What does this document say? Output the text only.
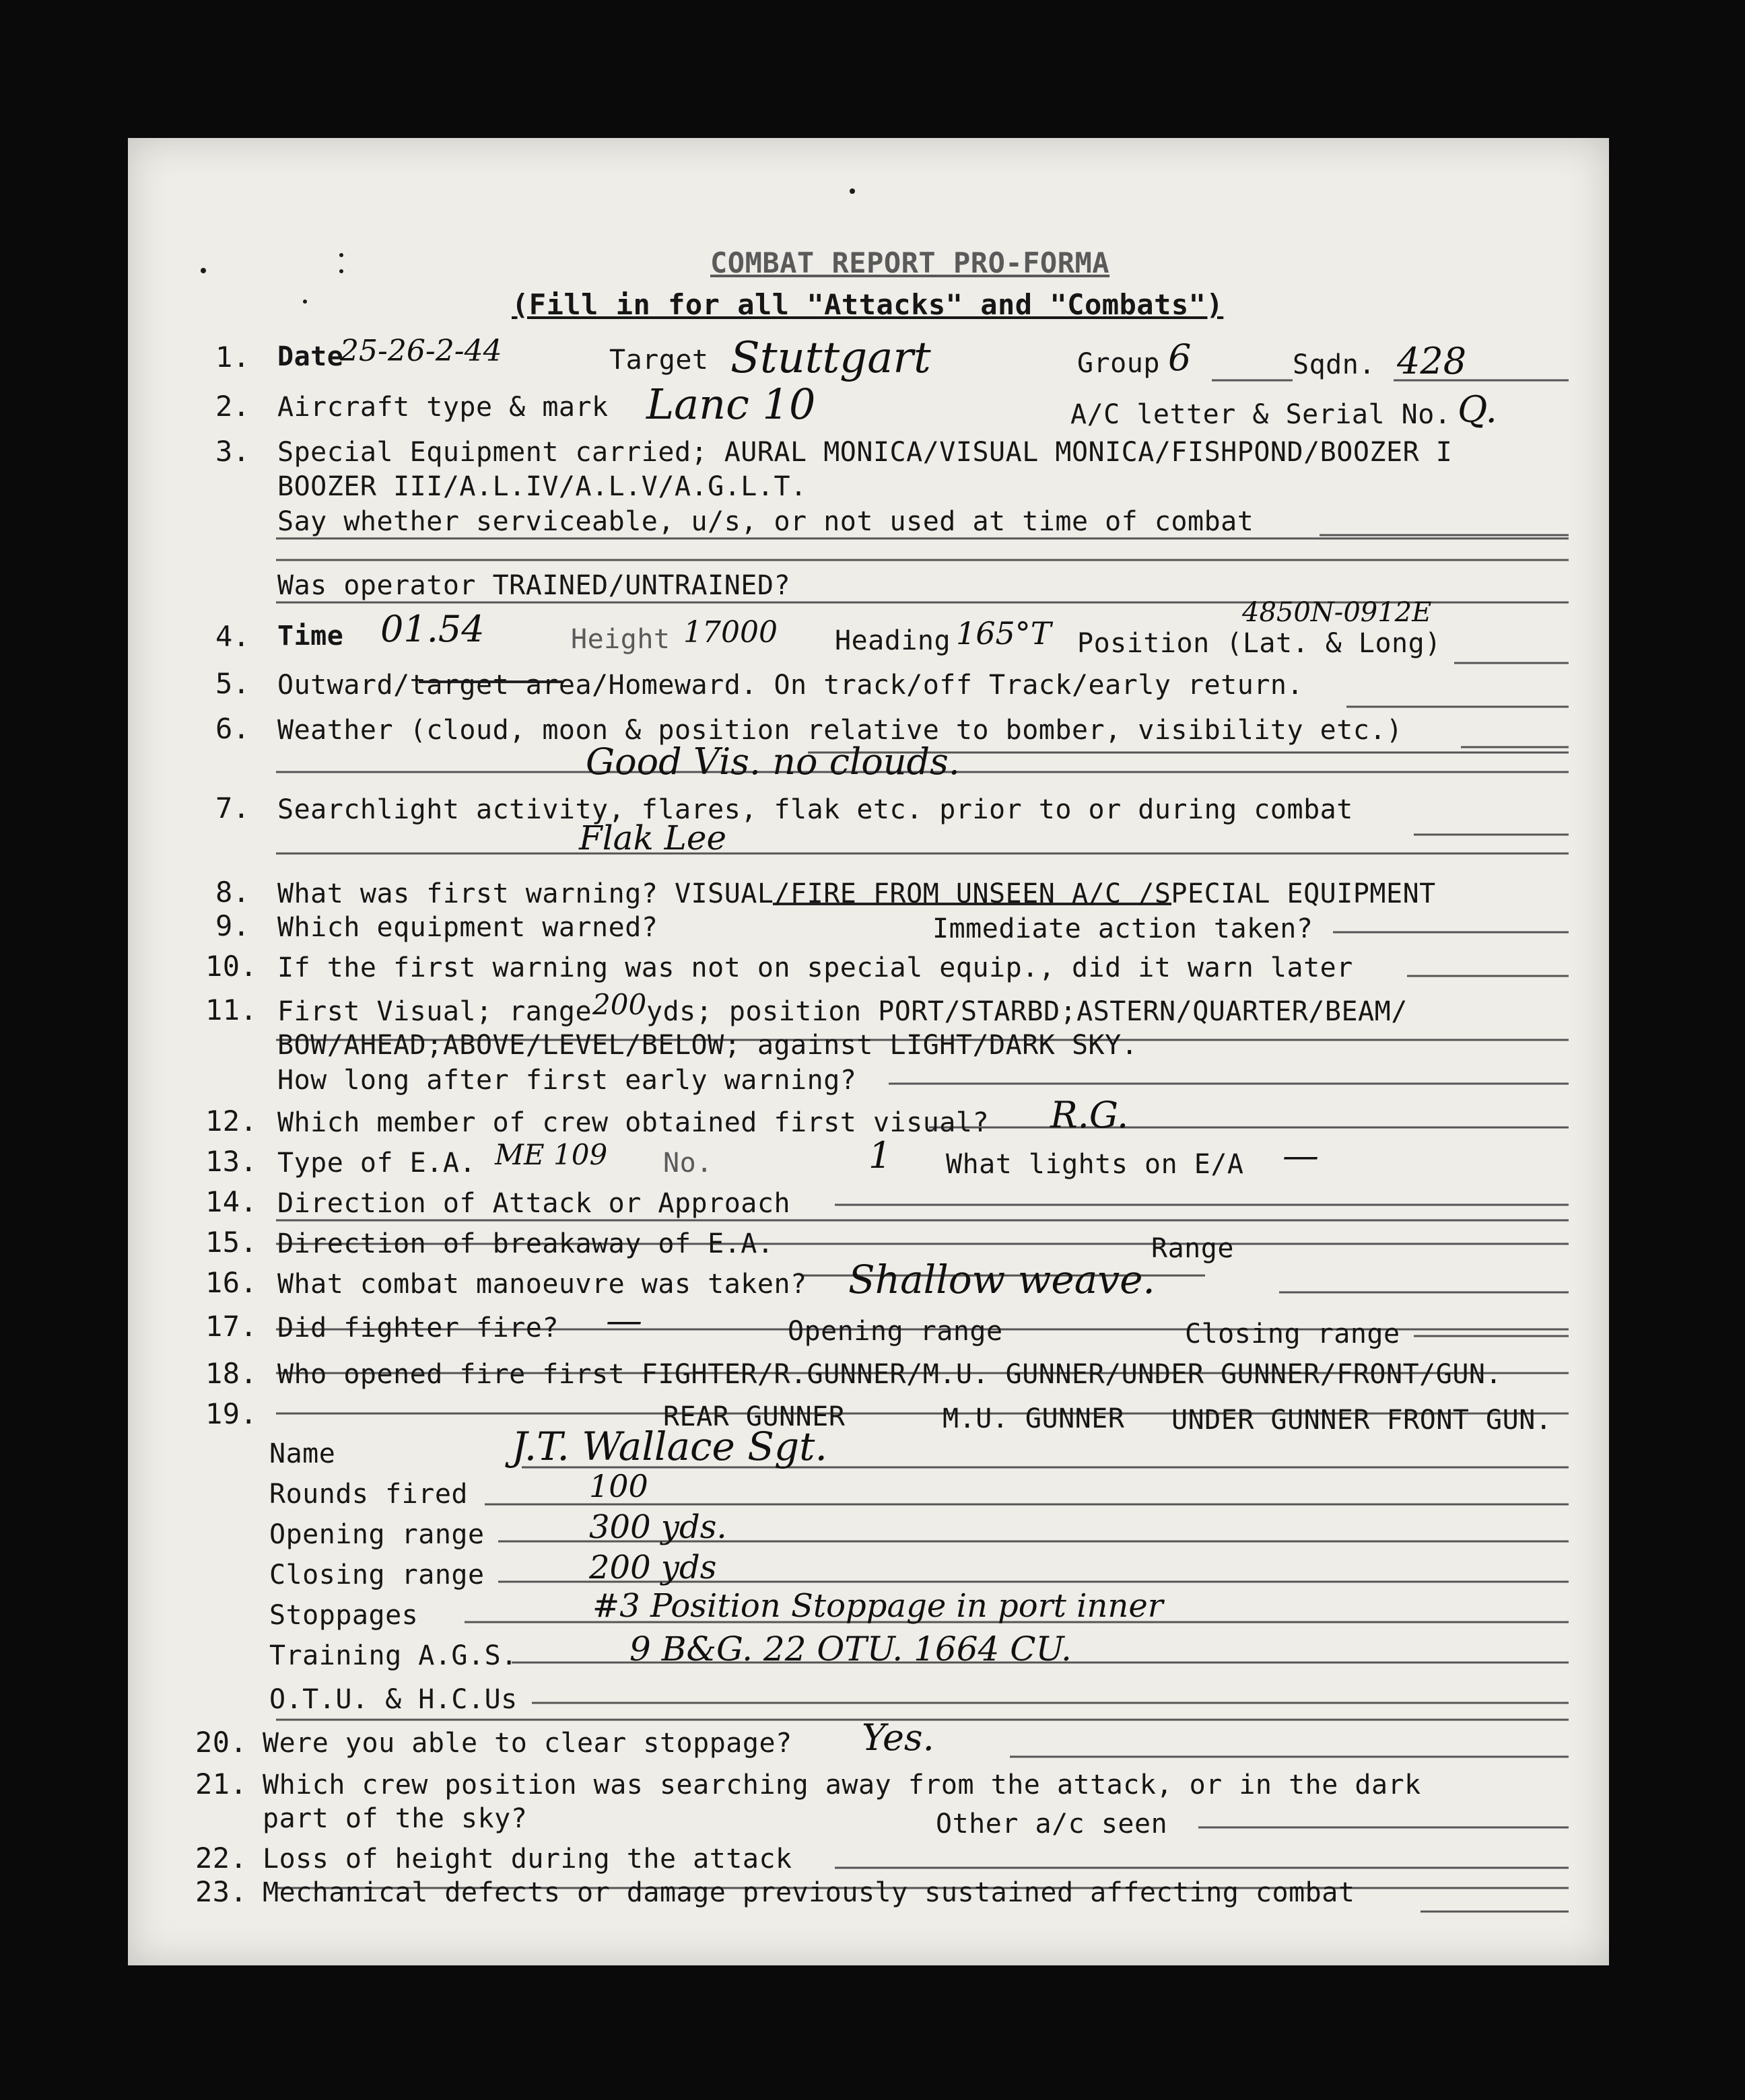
COMBAT REPORT PRO-FORMA
(Fill in for all "Attacks" and "Combats")
1. Date
25-26-2-44	Target Stuttgart	Group 6	Sqdn. 428
2. Aircraft type & mark Lanc 10	A/C letter & Serial No. Q.
3. Special Equipment carried; AURAL MONICA/VISUAL MONICA/FISHPOND/BOOZER I
BOOZER III/A.L.IV/A.L.V/A.G.L.T.
Say whether serviceable, u/s, or not used at time of combat
Was operator TRAINED/UNTRAINED?
4. Time 01.54	Height 17000 Heading 165°T Position (Lat. & Long)
4850N-0912E
5. Outward/target area/Homeward. On track/off Track/early return.
6. Weather (cloud, moon & position relative to bomber, visibility etc.)
Good Vis. no clouds.
7. Searchlight activity, flares, flak etc. prior to or during combat
Flak Lee
8. What was first warning? VISUAL/FIRE FROM UNSEEN A/C /SPECIAL EQUIPMENT
9. Which equipment warned?	Immediate action taken?
10. If the first warning was not on special equip., did it warn later
11. First Visual; range 200 yds; position PORT/STARBD;ASTERN/QUARTER/BEAM/
BOW/AHEAD;ABOVE/LEVEL/BELOW; against LIGHT/DARK SKY.
How long after first early warning?
12. Which member of crew obtained first visual? R.G.
13. Type of E.A. ME 109 No.	1 What lights on E/A —
14. Direction of Attack or Approach
15. Direction of breakaway of E.A.	Range
16. What combat manoeuvre was taken? Shallow weave.
17. Did fighter fire? —	Opening range	Closing range
18. Who opened fire first FIGHTER/R.GUNNER/M.U. GUNNER/UNDER GUNNER/FRONT/GUN.
19.	REAR GUNNER	M.U. GUNNER UNDER GUNNER FRONT GUN.
Name	J.T. Wallace Sgt.
Rounds fired	100
Opening range	300 yds.
Closing range	200 yds
Stoppages	#3 Position Stoppage in port inner
Training A.G.S.	9 B&G. 22 OTU. 1664 CU.
O.T.U. & H.C.Us
20. Were you able to clear stoppage? Yes.
21. Which crew position was searching away from the attack, or in the dark
part of the sky?	Other a/c seen
22. Loss of height during the attack
23. Mechanical defects or damage previously sustained affecting combat
